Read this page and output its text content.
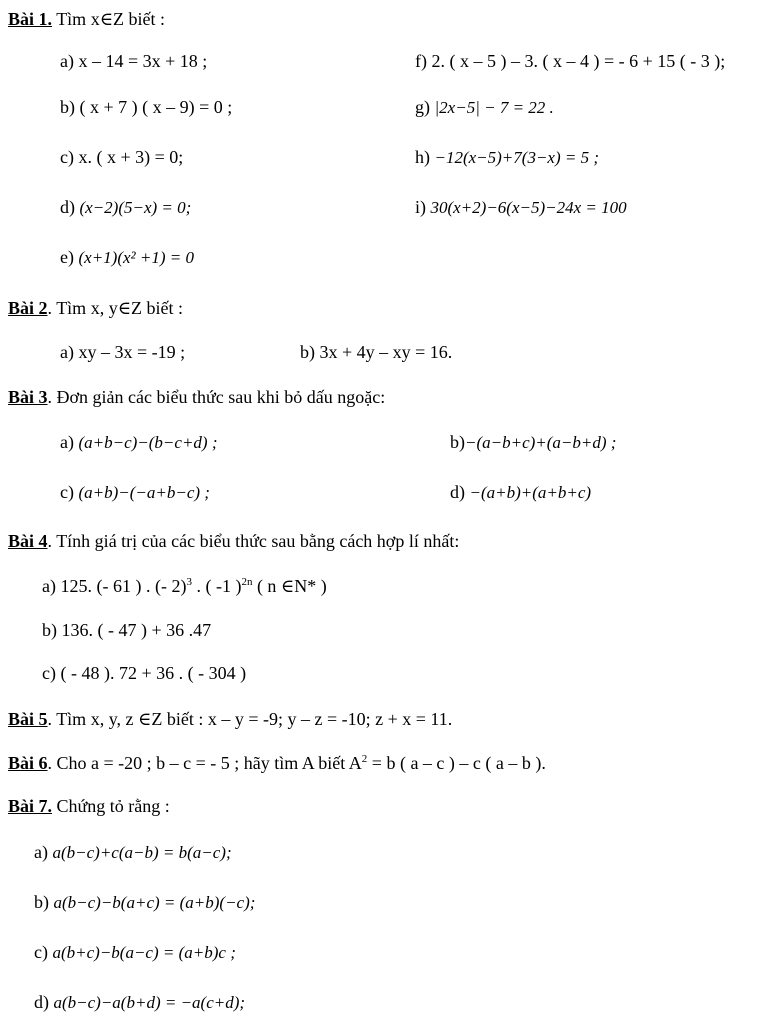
Bài 1. Tìm x∈Z biết :
a) x – 14 = 3x + 18 ;	f) 2. ( x – 5 ) – 3. ( x – 4 ) = - 6 + 15 ( - 3 );
b) ( x + 7 ) ( x – 9) = 0 ;	g) |2x−5| − 7 = 22 .
c) x. ( x + 3) = 0;	h) −12(x−5)+7(3−x) = 5 ;
d) (x−2)(5−x) = 0;	i) 30(x+2)−6(x−5)−24x = 100
e) (x+1)(x² +1) = 0
Bài 2. Tìm x, y∈Z biết :
a) xy – 3x = -19 ;	b) 3x + 4y – xy = 16.
Bài 3. Đơn giản các biểu thức sau khi bỏ dấu ngoặc:
a) (a+b−c)−(b−c+d) ;	b)−(a−b+c)+(a−b+d) ;
c) (a+b)−(−a+b−c) ;	d) −(a+b)+(a+b+c)
Bài 4. Tính giá trị của các biểu thức sau bằng cách hợp lí nhất:
a) 125. (- 61 ) . (- 2)$^3$ . ( -1 )$^{2n}$ ( n ∈N* )
b) 136. ( - 47 ) + 36 .47
c) ( - 48 ). 72 + 36 . ( - 304 )
Bài 5. Tìm x, y, z ∈Z biết : x – y = -9; y – z = -10; z + x = 11.
Bài 6. Cho a = -20 ; b – c = - 5 ; hãy tìm A biết $A^2 = b$ ( a – c ) – c ( a – b ).
Bài 7. Chứng tỏ rằng :
a) a(b−c)+c(a−b) = b(a−c);
b) a(b−c)−b(a+c) = (a+b)(−c);
c) a(b+c)−b(a−c) = (a+b)c ;
d) a(b−c)−a(b+d) = −a(c+d);
